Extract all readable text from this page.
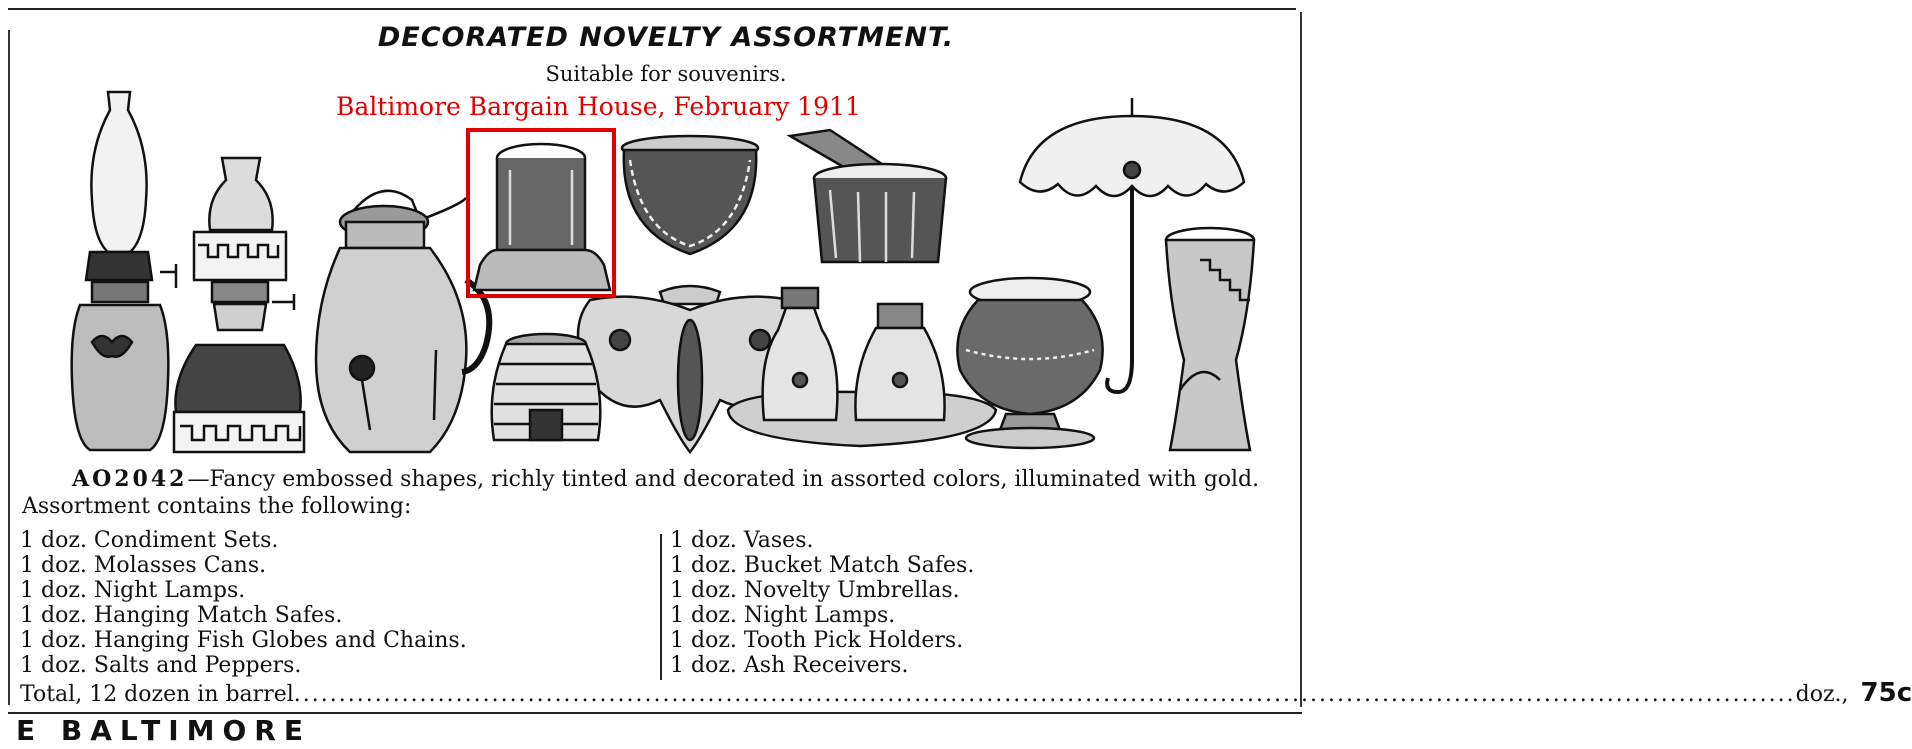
DECORATED NOVELTY ASSORTMENT.
Suitable for souvenirs.
Baltimore Bargain House, February 1911
AO2042—Fancy embossed shapes, richly tinted and decorated in assorted colors, illuminated with gold. Assortment contains the following:
1 doz. Condiment Sets.
1 doz. Molasses Cans.
1 doz. Night Lamps.
1 doz. Hanging Match Safes.
1 doz. Hanging Fish Globes and Chains.
1 doz. Salts and Peppers.
1 doz. Vases.
1 doz. Bucket Match Safes.
1 doz. Novelty Umbrellas.
1 doz. Night Lamps.
1 doz. Tooth Pick Holders.
1 doz. Ash Receivers.
Total, 12 dozen in barrel ....................................................................................................................................................................... doz., 75c
E BALTIMORE
